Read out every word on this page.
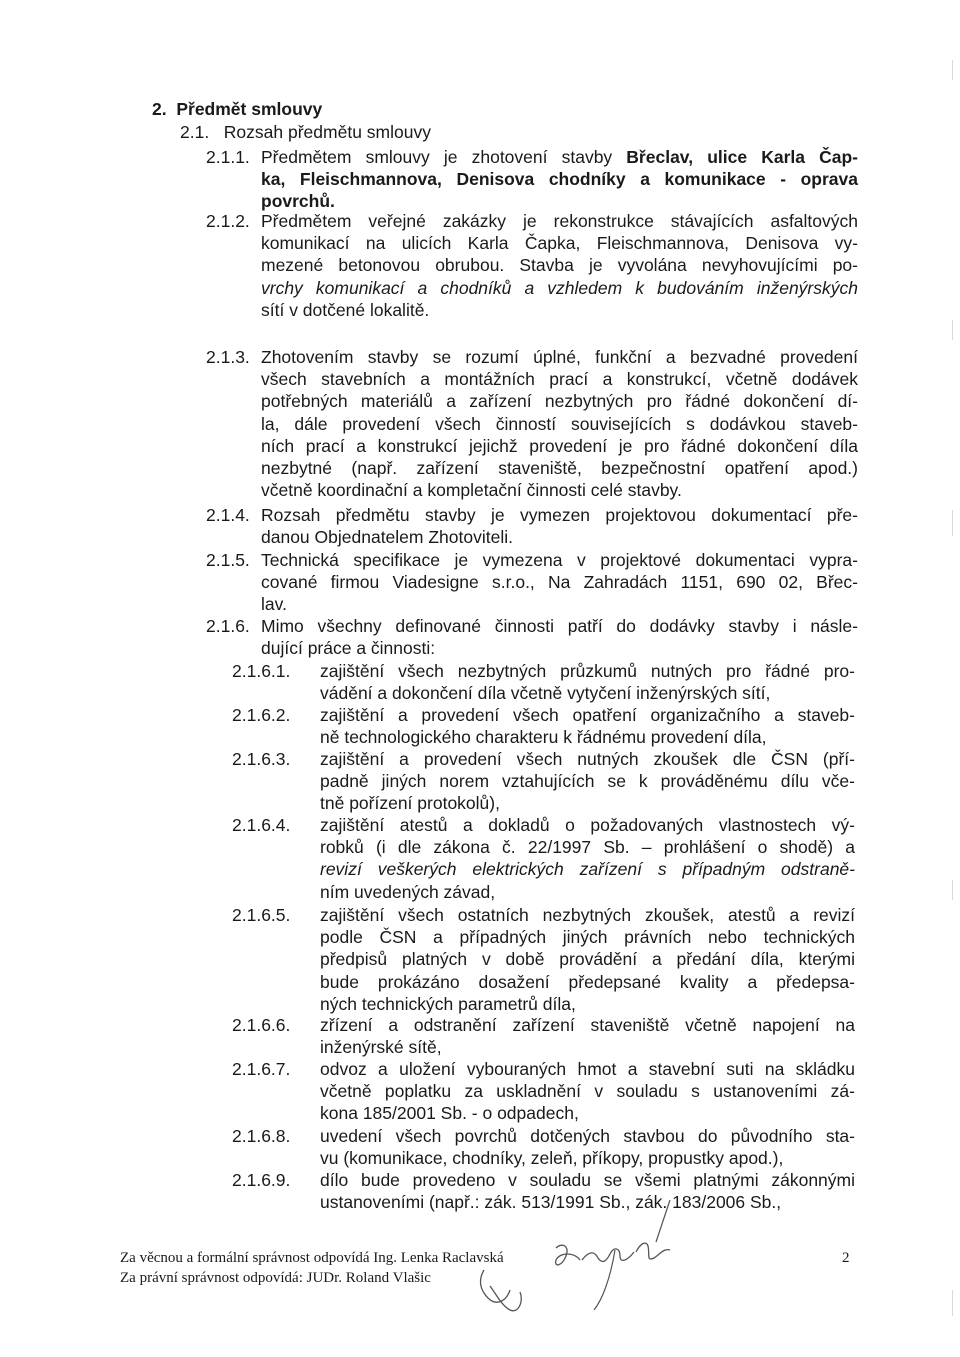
2. Předmět smlouvy
2.1. Rozsah předmětu smlouvy
2.1.1. Předmětem smlouvy je zhotovení stavby Břeclav, ulice Karla Čap-
ka, Fleischmannova, Denisova chodníky a komunikace - oprava
povrchů.
2.1.2. Předmětem veřejné zakázky je rekonstrukce stávajících asfaltových
komunikací na ulicích Karla Čapka, Fleischmannova, Denisova vy-
mezené betonovou obrubou. Stavba je vyvolána nevyhovujícími po-
vrchy komunikací a chodníků a vzhledem k budováním inženýrských
sítí v dotčené lokalitě.
2.1.3. Zhotovením stavby se rozumí úplné, funkční a bezvadné provedení
všech stavebních a montážních prací a konstrukcí, včetně dodávek
potřebných materiálů a zařízení nezbytných pro řádné dokončení dí-
la, dále provedení všech činností souvisejících s dodávkou staveb-
ních prací a konstrukcí jejichž provedení je pro řádné dokončení díla
nezbytné (např. zařízení staveniště, bezpečnostní opatření apod.)
včetně koordinační a kompletační činnosti celé stavby.
2.1.4. Rozsah předmětu stavby je vymezen projektovou dokumentací pře-
danou Objednatelem Zhotoviteli.
2.1.5. Technická specifikace je vymezena v projektové dokumentaci vypra-
cované firmou Viadesigne s.r.o., Na Zahradách 1151, 690 02, Břec-
lav.
2.1.6. Mimo všechny definované činnosti patří do dodávky stavby i násle-
dující práce a činnosti:
2.1.6.1. zajištění všech nezbytných průzkumů nutných pro řádné pro-
vádění a dokončení díla včetně vytyčení inženýrských sítí,
2.1.6.2. zajištění a provedení všech opatření organizačního a staveb-
ně technologického charakteru k řádnému provedení díla,
2.1.6.3. zajištění a provedení všech nutných zkoušek dle ČSN (pří-
padně jiných norem vztahujících se k prováděnému dílu vče-
tně pořízení protokolů),
2.1.6.4. zajištění atestů a dokladů o požadovaných vlastnostech vý-
robků (i dle zákona č. 22/1997 Sb. – prohlášení o shodě) a
revizí veškerých elektrických zařízení s případným odstraně-
ním uvedených závad,
2.1.6.5. zajištění všech ostatních nezbytných zkoušek, atestů a revizí
podle ČSN a případných jiných právních nebo technických
předpisů platných v době provádění a předání díla, kterými
bude prokázáno dosažení předepsané kvality a předepsa-
ných technických parametrů díla,
2.1.6.6. zřízení a odstranění zařízení staveniště včetně napojení na
inženýrské sítě,
2.1.6.7. odvoz a uložení vybouraných hmot a stavební suti na skládku
včetně poplatku za uskladnění v souladu s ustanoveními zá-
kona 185/2001 Sb. - o odpadech,
2.1.6.8. uvedení všech povrchů dotčených stavbou do původního sta-
vu (komunikace, chodníky, zeleň, příkopy, propustky apod.),
2.1.6.9. dílo bude provedeno v souladu se všemi platnými zákonnými
ustanoveními (např.: zák. 513/1991 Sb., zák. 183/2006 Sb.,
Za věcnou a formální správnost odpovídá Ing. Lenka Raclavská
Za právní správnost odpovídá: JUDr. Roland Vlašic
2
